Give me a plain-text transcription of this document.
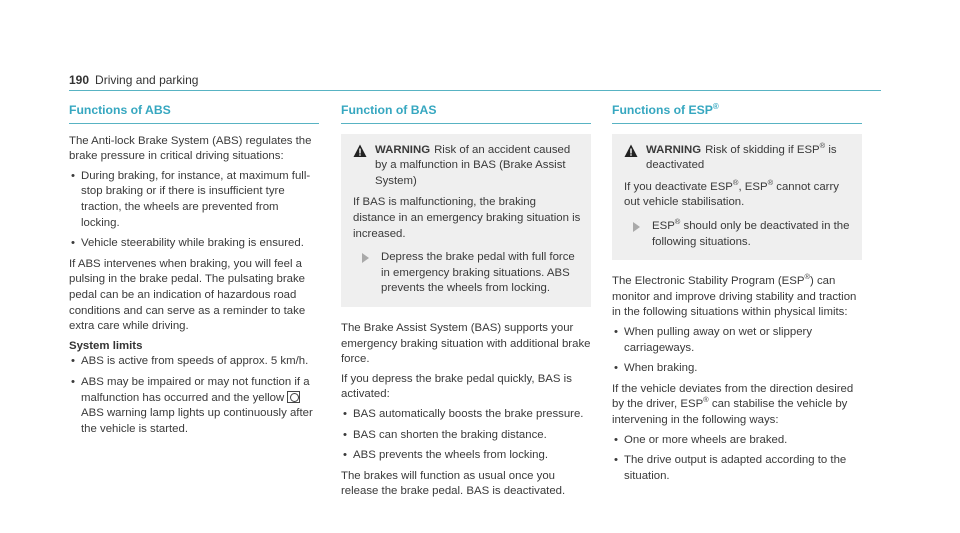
190 Driving and parking
Functions of ABS

The Anti-lock Brake System (ABS) regulates the brake pressure in critical driving situations:

• During braking, for instance, at maximum full-stop braking or if there is insufficient tyre traction, the wheels are prevented from locking.
• Vehicle steerability while braking is ensured.

If ABS intervenes when braking, you will feel a pulsing in the brake pedal. The pulsating brake pedal can be an indication of hazardous road conditions and can serve as a reminder to take extra care while driving.

System limits
• ABS is active from speeds of approx. 5 km/h.
• ABS may be impaired or may not function if a malfunction has occurred and the yellow  ABS warning lamp lights up continuously after the vehicle is started.
Function of BAS
WARNING Risk of an accident caused by a malfunction in BAS (Brake Assist System)

If BAS is malfunctioning, the braking distance in an emergency braking situation is increased.

Depress the brake pedal with full force in emergency braking situations. ABS prevents the wheels from locking.

The Brake Assist System (BAS) supports your emergency braking situation with additional brake force.

If you depress the brake pedal quickly, BAS is activated:

• BAS automatically boosts the brake pressure.
• BAS can shorten the braking distance.
• ABS prevents the wheels from locking.

The brakes will function as usual once you release the brake pedal. BAS is deactivated.

Functions of ESP®
WARNING Risk of skidding if ESP® is deactivated

If you deactivate ESP®, ESP® cannot carry out vehicle stabilisation.

ESP® should only be deactivated in the following situations.

The Electronic Stability Program (ESP®) can monitor and improve driving stability and traction in the following situations within physical limits:

• When pulling away on wet or slippery carriageways.
• When braking.

If the vehicle deviates from the direction desired by the driver, ESP® can stabilise the vehicle by intervening in the following ways:

• One or more wheels are braked.
• The drive output is adapted according to the situation.
